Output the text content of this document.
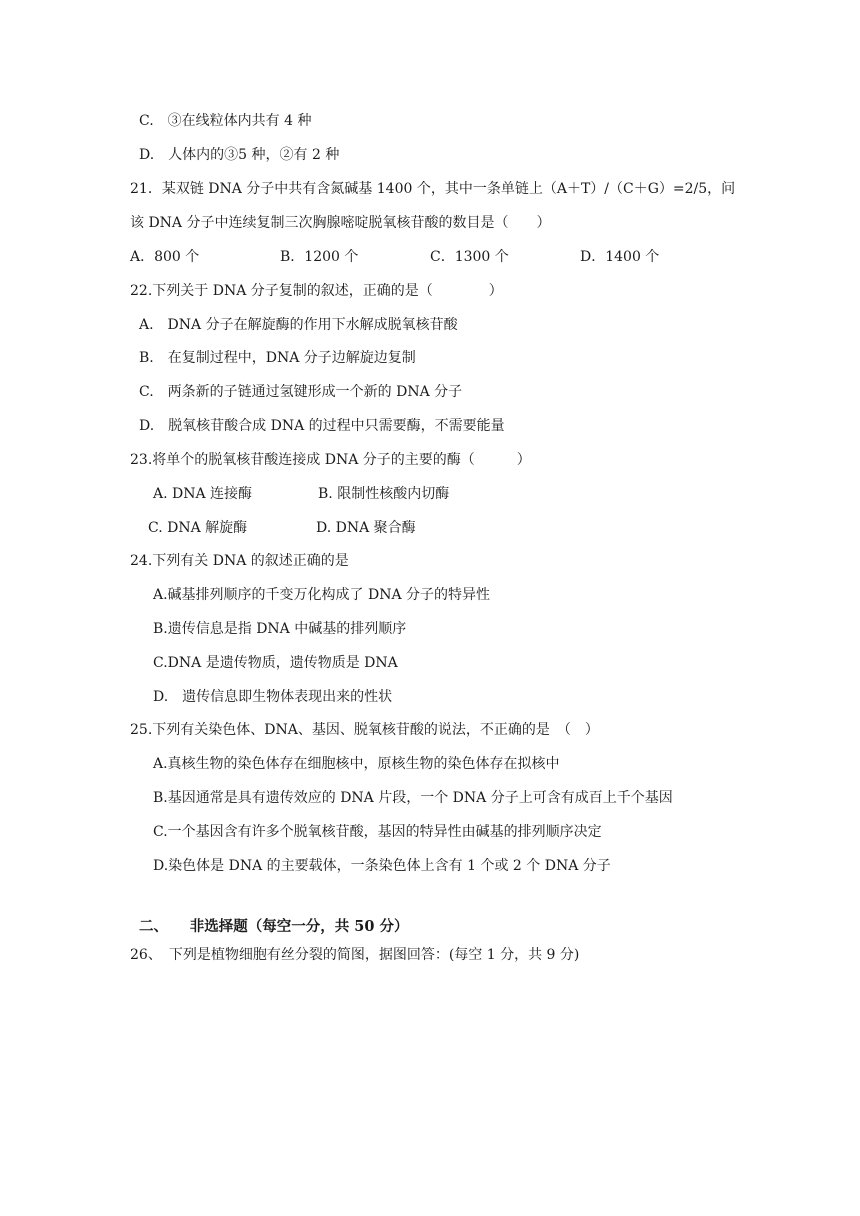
C.　③在线粒体内共有 4 种
D.　人体内的③5 种，②有 2 种
21．某双链 DNA 分子中共有含氮碱基 1400 个，其中一条单链上（A＋T）/（C＋G）=2/5，问
该 DNA 分子中连续复制三次胸腺嘧啶脱氧核苷酸的数目是（　　）
A．800 个	B．1200 个	C．1300 个	D．1400 个
22.下列关于 DNA 分子复制的叙述，正确的是（　　　　）
A.　DNA 分子在解旋酶的作用下水解成脱氧核苷酸
B.　在复制过程中，DNA 分子边解旋边复制
C.　两条新的子链通过氢键形成一个新的 DNA 分子
D.　脱氧核苷酸合成 DNA 的过程中只需要酶，不需要能量
23.将单个的脱氧核苷酸连接成 DNA 分子的主要的酶（　　　）
A. DNA 连接酶	B. 限制性核酸内切酶
C. DNA 解旋酶	D. DNA 聚合酶
24.下列有关 DNA 的叙述正确的是
A.碱基排列顺序的千变万化构成了 DNA 分子的特异性
B.遗传信息是指 DNA 中碱基的排列顺序
C.DNA 是遗传物质，遗传物质是 DNA
D.　遗传信息即生物体表现出来的性状
25.下列有关染色体、DNA、基因、脱氧核苷酸的说法，不正确的是　（　）
A.真核生物的染色体存在细胞核中，原核生物的染色体存在拟核中
B.基因通常是具有遗传效应的 DNA 片段，一个 DNA 分子上可含有成百上千个基因
C.一个基因含有许多个脱氧核苷酸，基因的特异性由碱基的排列顺序决定
D.染色体是 DNA 的主要载体，一条染色体上含有 1 个或 2 个 DNA 分子
二、　　非选择题（每空一分，共 50 分）
26、　下列是植物细胞有丝分裂的简图，据图回答：(每空 1 分，共 9 分)
